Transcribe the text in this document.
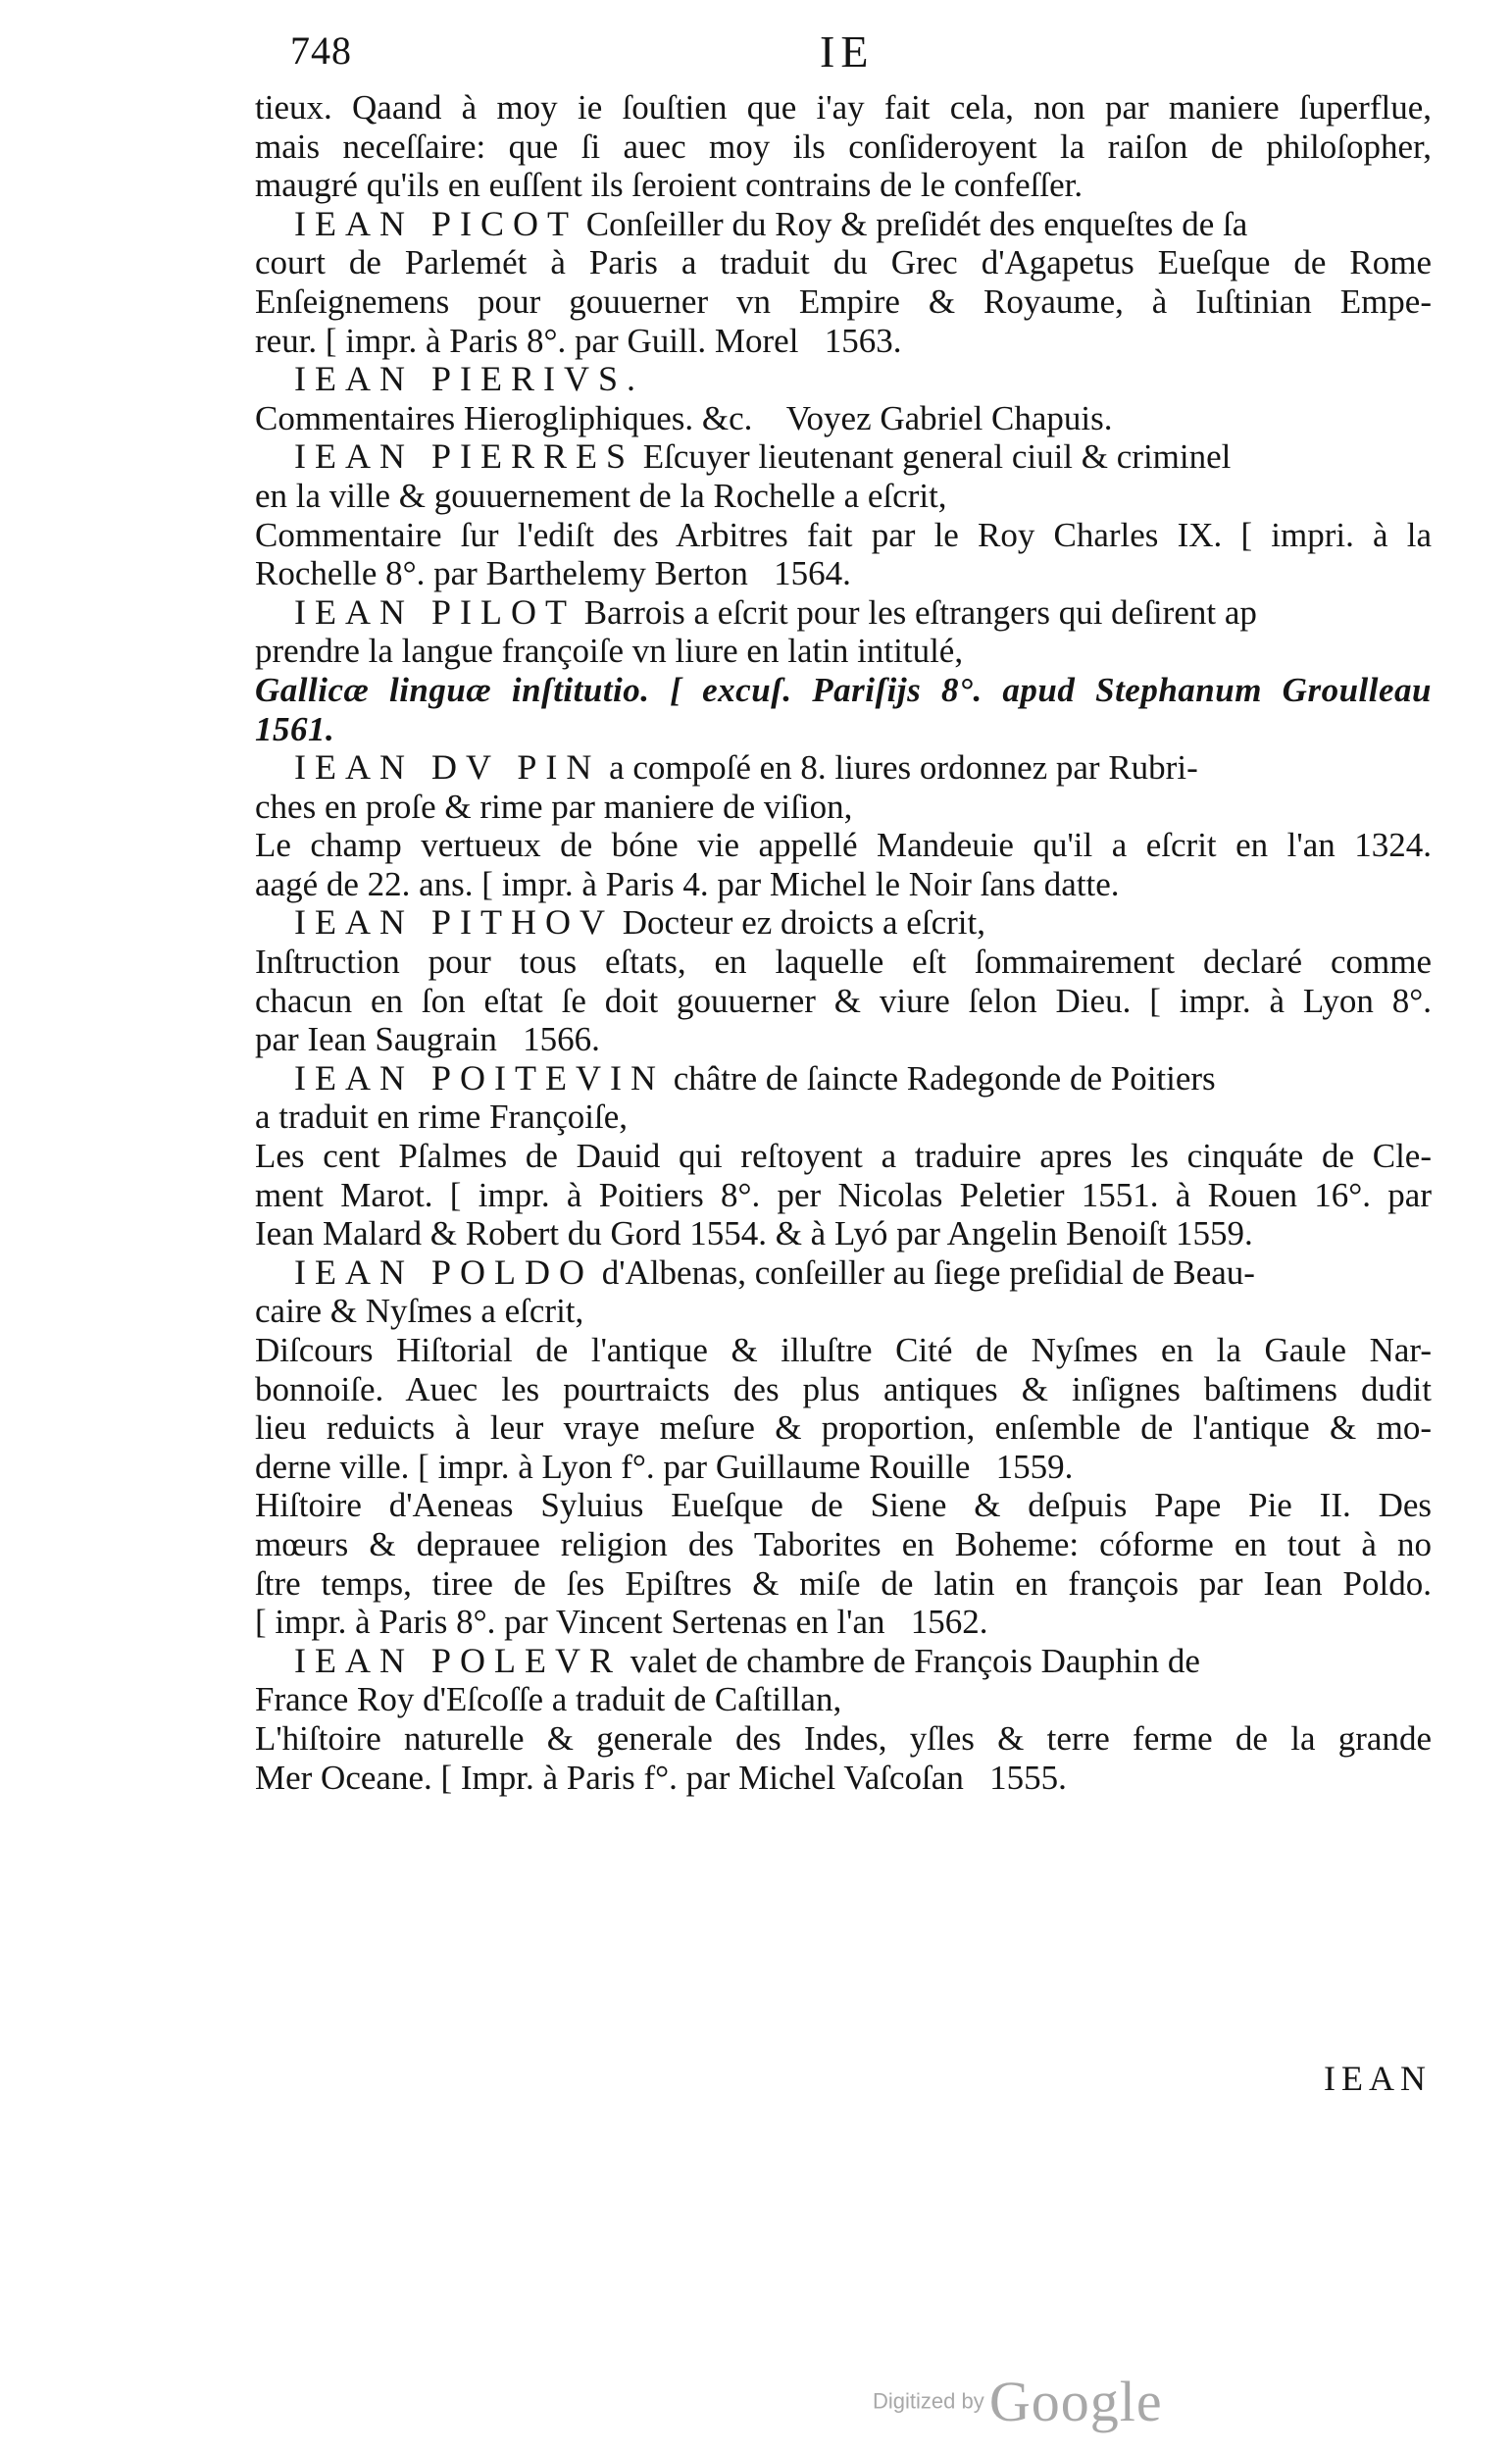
748	IE
tieux. Qaand à moy ie ſouſtien que i'ay fait cela, non par maniere ſuperflue,
mais neceſſaire: que ſi auec moy ils conſideroyent la raiſon de philoſopher,
maugré qu'ils en euſſent ils ſeroient contrains de le confeſſer.
IEAN PICOT Conſeiller du Roy & preſidét des enqueſtes de ſa
court de Parlemét à Paris a traduit du Grec d'Agapetus Eueſque de Rome
Enſeignemens pour gouuerner vn Empire & Royaume, à Iuſtinian Empe-
reur. [ impr. à Paris 8°. par Guill. Morel   1563.
IEAN PIERIVS.
Commentaires Hierogliphiques. &c.    Voyez Gabriel Chapuis.
IEAN PIERRES Eſcuyer lieutenant general ciuil & criminel
en la ville & gouuernement de la Rochelle a eſcrit,
Commentaire ſur l'ediſt des Arbitres fait par le Roy Charles IX. [ impri. à la
Rochelle 8°. par Barthelemy Berton   1564.
IEAN PILOT Barrois a eſcrit pour les eſtrangers qui deſirent ap
prendre la langue françoiſe vn liure en latin intitulé,
Gallicæ linguæ inſtitutio. [ excuſ. Pariſijs 8°. apud Stephanum Groulleau
1561.
IEAN DV PIN a compoſé en 8. liures ordonnez par Rubri-
ches en proſe & rime par maniere de viſion,
Le champ vertueux de bóne vie appellé Mandeuie qu'il a eſcrit en l'an 1324.
aagé de 22. ans. [ impr. à Paris 4. par Michel le Noir ſans datte.
IEAN PITHOV Docteur ez droicts a eſcrit,
Inſtruction pour tous eſtats, en laquelle eſt ſommairement declaré comme
chacun en ſon eſtat ſe doit gouuerner & viure ſelon Dieu. [ impr. à Lyon 8°.
par Iean Saugrain   1566.
IEAN POITEVIN châtre de ſaincte Radegonde de Poitiers
a traduit en rime Françoiſe,
Les cent Pſalmes de Dauid qui reſtoyent a traduire apres les cinquáte de Cle-
ment Marot. [ impr. à Poitiers 8°. per Nicolas Peletier 1551. à Rouen 16°. par
Iean Malard & Robert du Gord 1554. & à Lyó par Angelin Benoiſt 1559.
IEAN POLDO d'Albenas, conſeiller au ſiege preſidial de Beau-
caire & Nyſmes a eſcrit,
Diſcours Hiſtorial de l'antique & illuſtre Cité de Nyſmes en la Gaule Nar-
bonnoiſe. Auec les pourtraicts des plus antiques & inſignes baſtimens dudit
lieu reduicts à leur vraye meſure & proportion, enſemble de l'antique & mo-
derne ville. [ impr. à Lyon f°. par Guillaume Rouille   1559.
Hiſtoire d'Aeneas Syluius Eueſque de Siene & deſpuis Pape Pie II. Des
mœurs & deprauee religion des Taborites en Boheme: cóforme en tout à no
ſtre temps, tiree de ſes Epiſtres & miſe de latin en françois par Iean Poldo.
[ impr. à Paris 8°. par Vincent Sertenas en l'an   1562.
IEAN POLEVR valet de chambre de François Dauphin de
France Roy d'Eſcoſſe a traduit de Caſtillan,
L'hiſtoire naturelle & generale des Indes, yſles & terre ferme de la grande
Mer Oceane. [ Impr. à Paris f°. par Michel Vaſcoſan   1555.
IEAN
Digitized by Google
